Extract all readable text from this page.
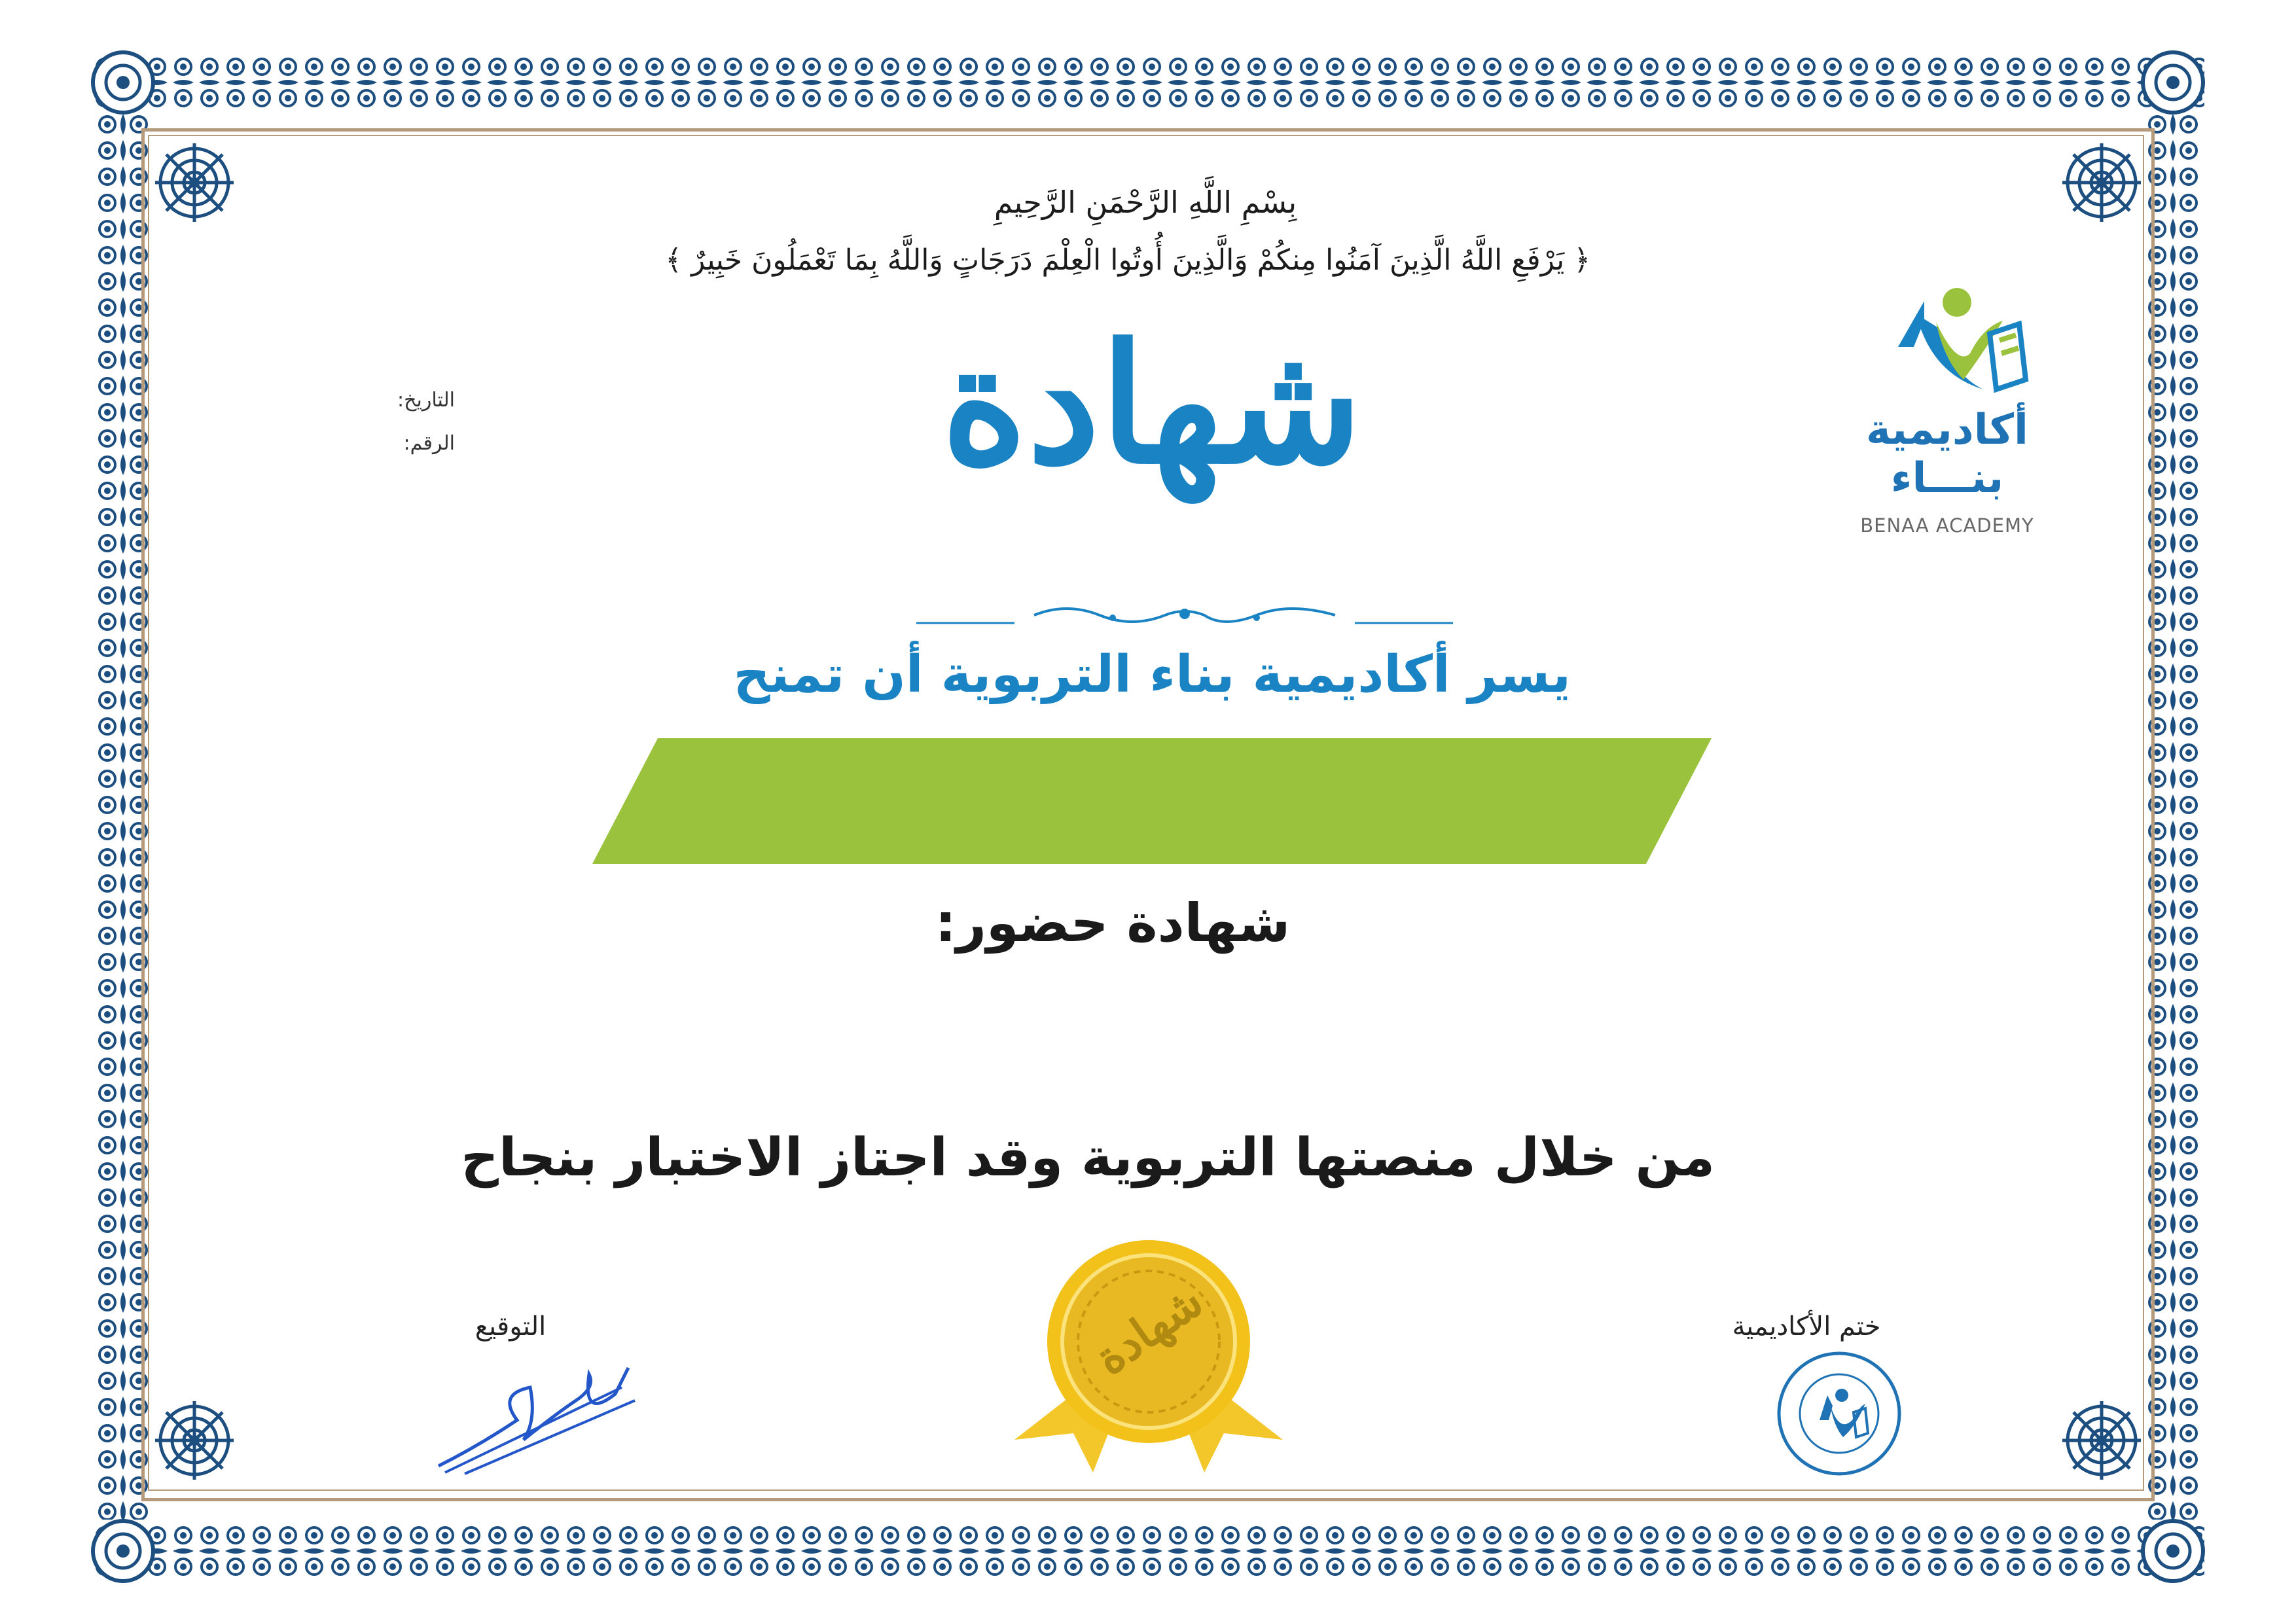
بِسْمِ اللَّهِ الرَّحْمَنِ الرَّحِيمِ
﴿ يَرْفَعِ اللَّهُ الَّذِينَ آمَنُوا مِنكُمْ وَالَّذِينَ أُوتُوا الْعِلْمَ دَرَجَاتٍ وَاللَّهُ بِمَا تَعْمَلُونَ خَبِيرٌ ﴾
أكاديمية
بنـــاء
BENAA ACADEMY
التاريخ:
الرقم:	شهادة
يسر أكاديمية بناء التربوية أن تمنح
شهادة حضور:
من خلال منصتها التربوية وقد اجتاز الاختبار بنجاح
شهادة
التوقيع	ختم الأكاديمية
